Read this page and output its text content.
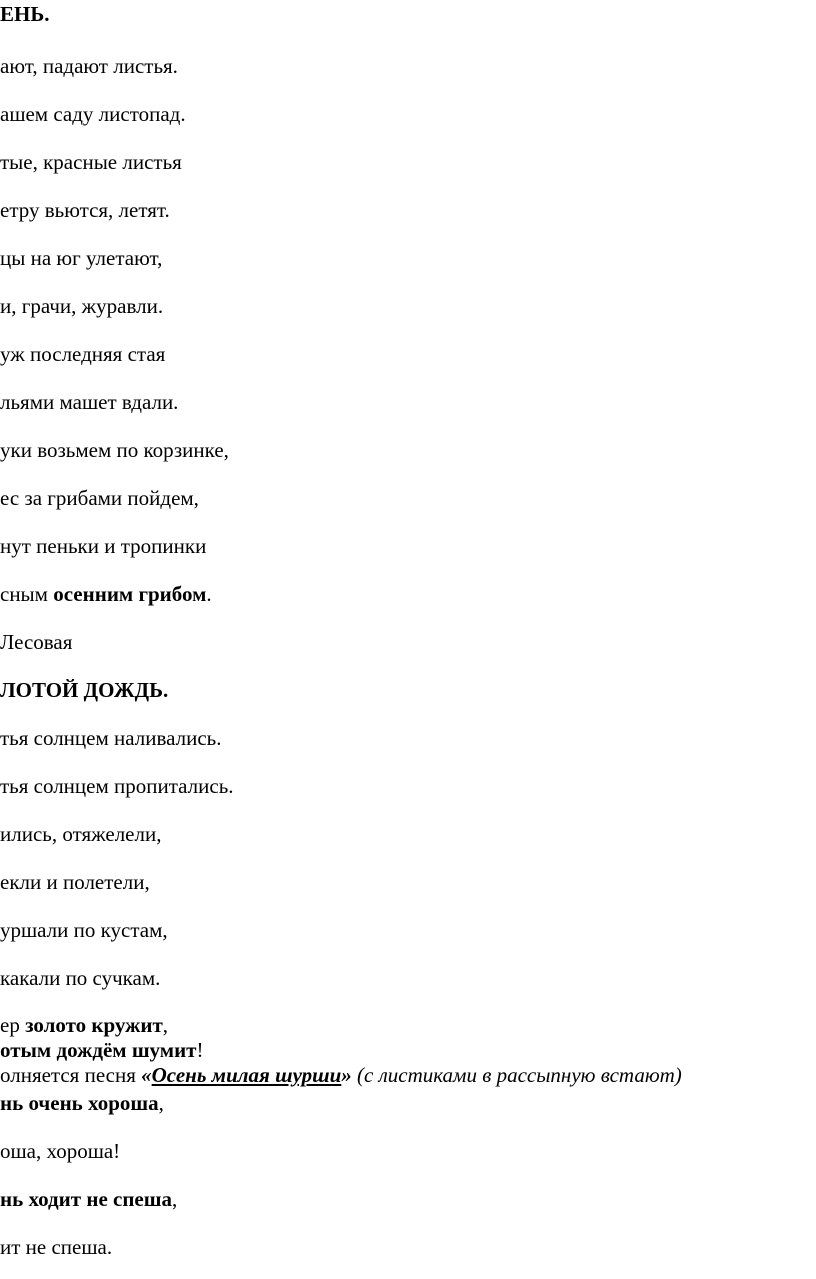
ЕНЬ.

ают, падают листья.

ашем саду листопад.

тые, красные листья

етру вьются, летят.

цы на юг улетают,

и, грачи, журавли.

уж последняя стая

льями машет вдали.

уки возьмем по корзинке,

ес за грибами пойдем,

нут пеньки и тропинки

сным осенним грибом.

Лесовая

ЛОТОЙ ДОЖДЬ.

тья солнцем наливались.

тья солнцем пропитались.

ились, отяжелели,

екли и полетели,

уршали по кустам,

какали по сучкам.

ер золото кружит,

отым дождём шумит!

олняется песня «Осень милая шурши» (с листиками в рассыпную встают)

нь очень хороша,

оша, хороша!

нь ходит не спеша,

ит не спеша.
